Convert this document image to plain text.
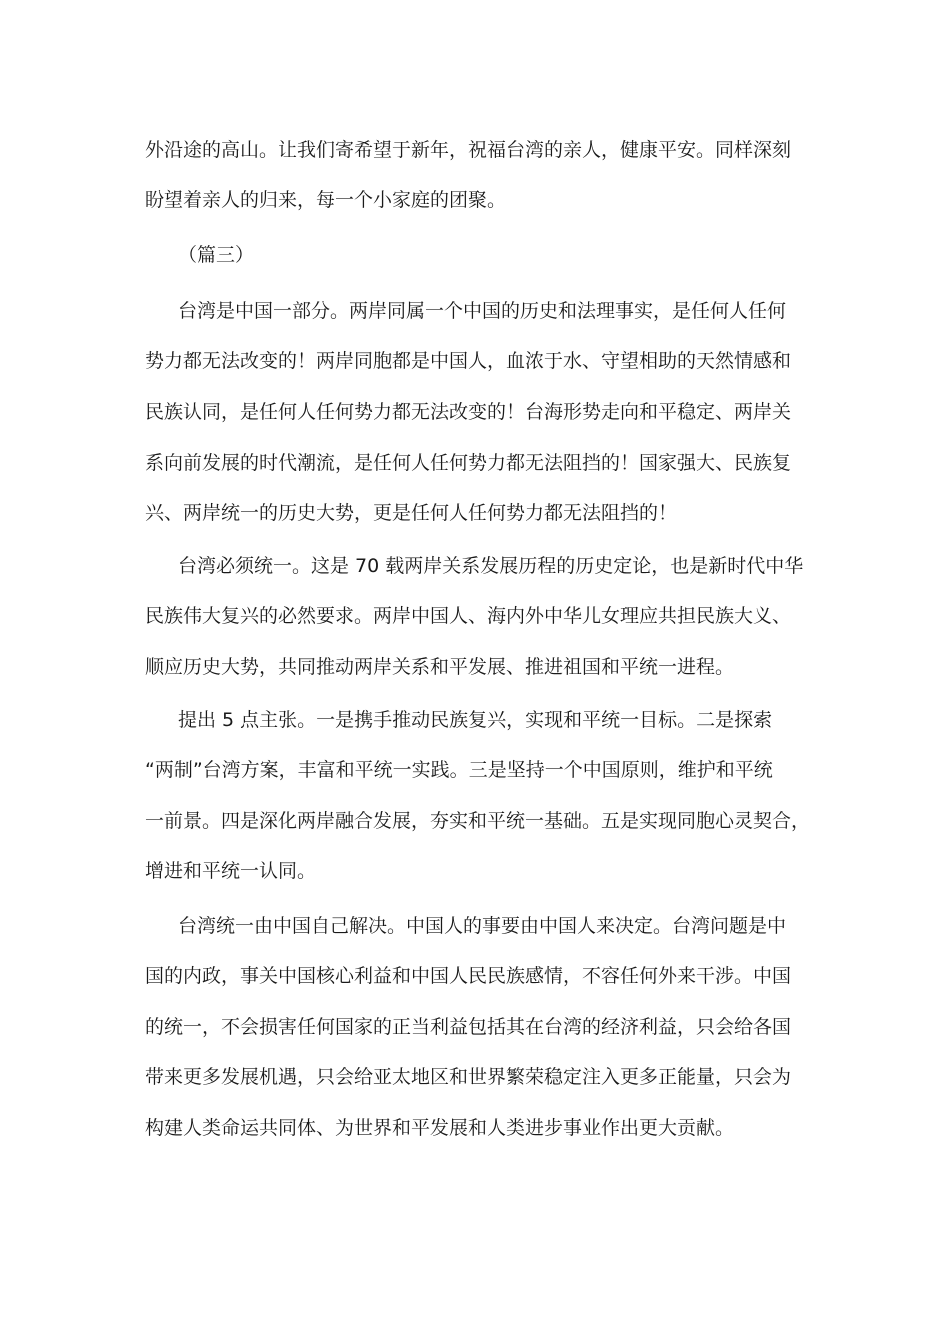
外沿途的高山。让我们寄希望于新年，祝福台湾的亲人，健康平安。同样深刻

盼望着亲人的归来，每一个小家庭的团聚。

（篇三）

台湾是中国一部分。两岸同属一个中国的历史和法理事实，是任何人任何

势力都无法改变的！两岸同胞都是中国人，血浓于水、守望相助的天然情感和

民族认同，是任何人任何势力都无法改变的！台海形势走向和平稳定、两岸关

系向前发展的时代潮流，是任何人任何势力都无法阻挡的！国家强大、民族复

兴、两岸统一的历史大势，更是任何人任何势力都无法阻挡的！

台湾必须统一。这是 70 载两岸关系发展历程的历史定论，也是新时代中华

民族伟大复兴的必然要求。两岸中国人、海内外中华儿女理应共担民族大义、

顺应历史大势，共同推动两岸关系和平发展、推进祖国和平统一进程。

提出 5 点主张。一是携手推动民族复兴，实现和平统一目标。二是探索

“两制”台湾方案，丰富和平统一实践。三是坚持一个中国原则，维护和平统

一前景。四是深化两岸融合发展，夯实和平统一基础。五是实现同胞心灵契合，

增进和平统一认同。

台湾统一由中国自己解决。中国人的事要由中国人来决定。台湾问题是中

国的内政，事关中国核心利益和中国人民民族感情，不容任何外来干涉。中国

的统一，不会损害任何国家的正当利益包括其在台湾的经济利益，只会给各国

带来更多发展机遇，只会给亚太地区和世界繁荣稳定注入更多正能量，只会为

构建人类命运共同体、为世界和平发展和人类进步事业作出更大贡献。
